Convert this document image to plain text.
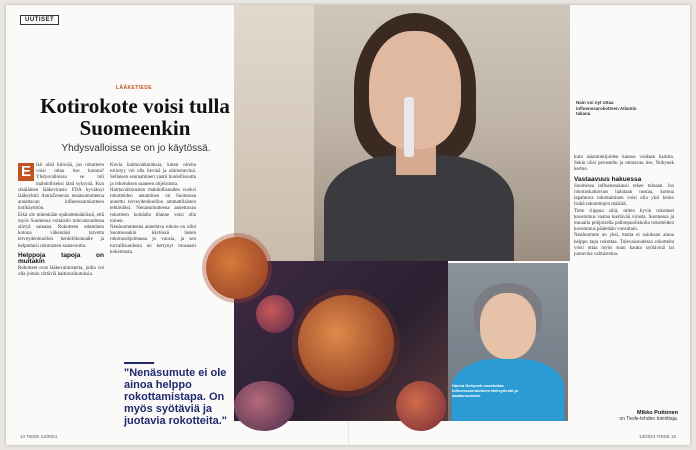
UUTISET
Nain voi nyt ottaa influenssarokotteen Atlantin takana
LÄÄKETIEDE
Kotirokote voisi tulla Suomeenkin
Yhdysvalloissa se on jo käytössä.
E	ikö olisi kiinvää, jos rokotteen voisi ottaa itse kotona? Yhdysvalloissa se tuli mahdolliseksi tänä syksynä. Kun sikäläinen lääkevirasto FDA hyväksyi lääkeyhtiö AstraZenecan nenäsumutteena annettavan influenssarokotteen kotikäyttöön.

Eikä ole mitenkään epätodennäköistä, että myös Suomessa voitaisiin tulevaisuudessa siirtyä samaan. Rokotteen ottaminen kotona vähentäisi tarvetta terveydenhuollon henkilökunnalle ja helpottaisi rokotusten saatavuutta.

Helppoja tapoja on muitakin

Rokotteet ovat lääkevalmisteita, joilla voi olla joitain riittäviä haittavaikutuksia.

Kuvia haittavaikutuksia, kuten oireita esiintyy voi olla lievinä ja ohimenevinä. Sellaisen seuraaminen vaatii huolellisuutta ja rokotuksen saaneen ohjeistusta.

Haittavaikutusten mahdollisuuden vuoksi rokotteiden antaminen on Suomessa annettu terveydenhuollon ammattilaisten tehtäväksi. Nenäsumutteena annettavan rokotteen kohdalla tilanne voisi olla toinen.

Nenäsumutteena annettava rokote on ollut Suomessakin käytössä lasten rokotusohjelmassa jo vuosia, ja sen turvallisuudesta on kertynyt runsaasti kokemusta.

"Nenäsumute ei ole ainoa helppo rokottamistapa. On myös syötäviä ja juotavia rokotteita."
Hanna Nohynek muistuttaa influenssarokotteen tärkeydestä ja saatavuudesta.

kuin asiantuntijoiden kanssa voidaan harkita. Sekin olisi perusteltu ja ottotavaa itse, Nohynek kertoo.

Vastaavuus hakuessa

Suomessa influenssakausi tekee tuloaan. Jos rokotuskattavuus halutaan nostaa, kotona tapahtuva rokottaminen voisi olla yksi keino lisätä rokotettujen määrää.

Tieto riippuu siitä, miten hyvin rokotteet koostumus vastaa kiertävää virusta. Suomessa ja muualla pohjoisella pallonpuoliskolla rokotteiden koostumus päätetään vuosittain.

Nenäsumute on yksi, mutta ei suinkaan ainoa helppo tapa rokottaa. Tulevaisuudessa rokotteita voisi ottaa myös suun kautta syötävinä tai juotavina valmisteina.

Mikko Puttonen
on Tiede-lehden toimittaja.
14 TIEDE 13/2024	13/2024 TIEDE 15
